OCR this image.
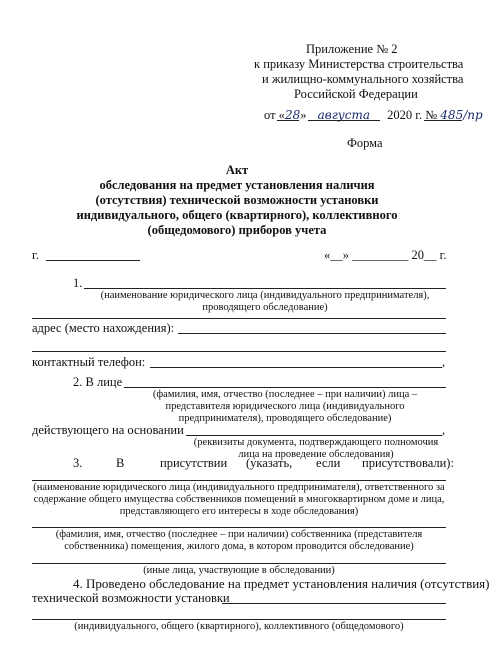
Приложение № 2
к приказу Министерства строительства
и жилищно-коммунального хозяйства
Российской Федерации
от «28» августа 2020 г. № 485/пр
Форма
Акт
обследования на предмет установления наличия
(отсутствия) технической возможности установки
индивидуального, общего (квартирного), коллективного
(общедомового) приборов учета
г.	«__» _________ 20__ г.
1.
(наименование юридического лица (индивидуального предпринимателя), проводящего обследование)
адрес (место нахождения):
контактный телефон:	,
2. В лице
(фамилия, имя, отчество (последнее – при наличии) лица – представителя юридического лица (индивидуального предпринимателя), проводящего обследование)
действующего на основании	,
(реквизиты документа, подтверждающего полномочия лица на проведение обследования)
3.	В	присутствии (указать, если присутствовали):
(наименование юридического лица (индивидуального предпринимателя), ответственного за содержание общего имущества собственников помещений в многоквартирном доме и лица, представляющего его интересы в ходе обследования)
(фамилия, имя, отчество (последнее – при наличии) собственника (представителя собственника) помещения, жилого дома, в котором проводится обследование)
(иные лица, участвующие в обследовании)
4. Проведено обследование на предмет установления наличия (отсутствия)
технической возможности установки
(индивидуального, общего (квартирного), коллективного (общедомового)
